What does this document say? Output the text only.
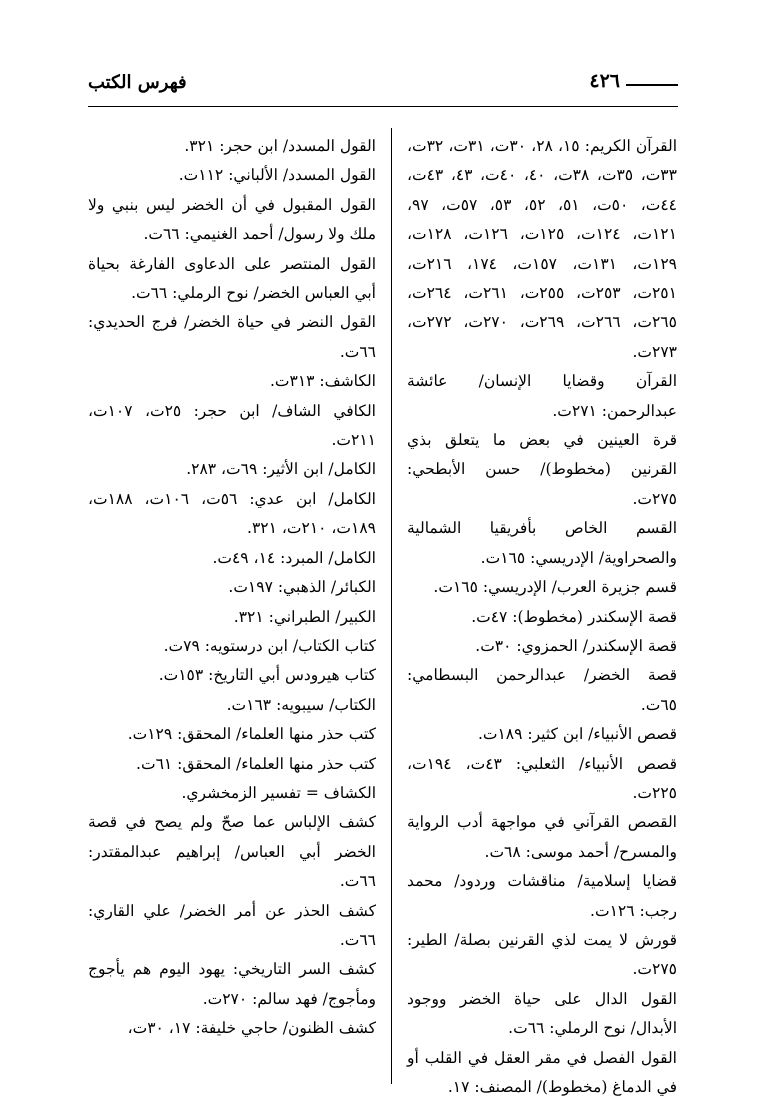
فهرس الكتب	٤٢٦

القرآن الكريم: ١٥، ٢٨، ٣٠ت، ٣١ت، ٣٢ت، ٣٣ت، ٣٥ت، ٣٨ت، ٤٠، ٤٠ت، ٤٣، ٤٣ت، ٤٤ت، ٥٠ت، ٥١، ٥٢، ٥٣، ٥٧ت، ٩٧، ١٢١ت، ١٢٤ت، ١٢٥ت، ١٢٦ت، ١٢٨ت، ١٢٩ت، ١٣١ت، ١٥٧ت، ١٧٤، ٢١٦ت، ٢٥١ت، ٢٥٣ت، ٢٥٥ت، ٢٦١ت، ٢٦٤ت، ٢٦٥ت، ٢٦٦ت، ٢٦٩ت، ٢٧٠ت، ٢٧٢ت، ٢٧٣ت.

القرآن وقضايا الإنسان/ عائشة عبدالرحمن: ٢٧١ت.

قرة العينين في بعض ما يتعلق بذي القرنين (مخطوط)/ حسن الأبطحي: ٢٧٥ت.

القسم الخاص بأفريقيا الشمالية والصحراوية/ الإدريسي: ١٦٥ت.

قسم جزيرة العرب/ الإدريسي: ١٦٥ت.

قصة الإسكندر (مخطوط): ٤٧ت.

قصة الإسكندر/ الحمزوي: ٣٠ت.

قصة الخضر/ عبدالرحمن البسطامي: ٦٥ت.

قصص الأنبياء/ ابن كثير: ١٨٩ت.

قصص الأنبياء/ الثعلبي: ٤٣ت، ١٩٤ت، ٢٢٥ت.

القصص القرآني في مواجهة أدب الرواية والمسرح/ أحمد موسى: ٦٨ت.

قضايا إسلامية/ مناقشات وردود/ محمد رجب: ١٢٦ت.

قورش لا يمت لذي القرنين بصلة/ الطير: ٢٧٥ت.

القول الدال على حياة الخضر ووجود الأبدال/ نوح الرملي: ٦٦ت.

القول الفصل في مقر العقل في القلب أو في الدماغ (مخطوط)/ المصنف: ١٧.

القول المسدد/ ابن حجر: ٣٢١.

القول المسدد/ الألباني: ١١٢ت.

القول المقبول في أن الخضر ليس بنبي ولا ملك ولا رسول/ أحمد الغنيمي: ٦٦ت.

القول المنتصر على الدعاوى الفارغة بحياة أبي العباس الخضر/ نوح الرملي: ٦٦ت.

القول النضر في حياة الخضر/ فرج الحديدي: ٦٦ت.

الكاشف: ٣١٣ت.

الكافي الشاف/ ابن حجر: ٢٥ت، ١٠٧ت، ٢١١ت.

الكامل/ ابن الأثير: ٦٩ت، ٢٨٣.

الكامل/ ابن عدي: ٥٦ت، ١٠٦ت، ١٨٨ت، ١٨٩ت، ٢١٠ت، ٣٢١.

الكامل/ المبرد: ١٤، ٤٩ت.

الكبائر/ الذهبي: ١٩٧ت.

الكبير/ الطبراني: ٣٢١.

كتاب الكتاب/ ابن درستويه: ٧٩ت.

كتاب هيرودس أبي التاريخ: ١٥٣ت.

الكتاب/ سيبويه: ١٦٣ت.

كتب حذر منها العلماء/ المحقق: ١٢٩ت.

كتب حذر منها العلماء/ المحقق: ٦١ت.

الكشاف = تفسير الزمخشري.

كشف الإلباس عما صحّ ولم يصح في قصة الخضر أبي العباس/ إبراهيم عبدالمقتدر: ٦٦ت.

كشف الحذر عن أمر الخضر/ علي القاري: ٦٦ت.

كشف السر التاريخي: يهود اليوم هم يأجوج ومأجوج/ فهد سالم: ٢٧٠ت.

كشف الظنون/ حاجي خليفة: ١٧، ٣٠ت،
